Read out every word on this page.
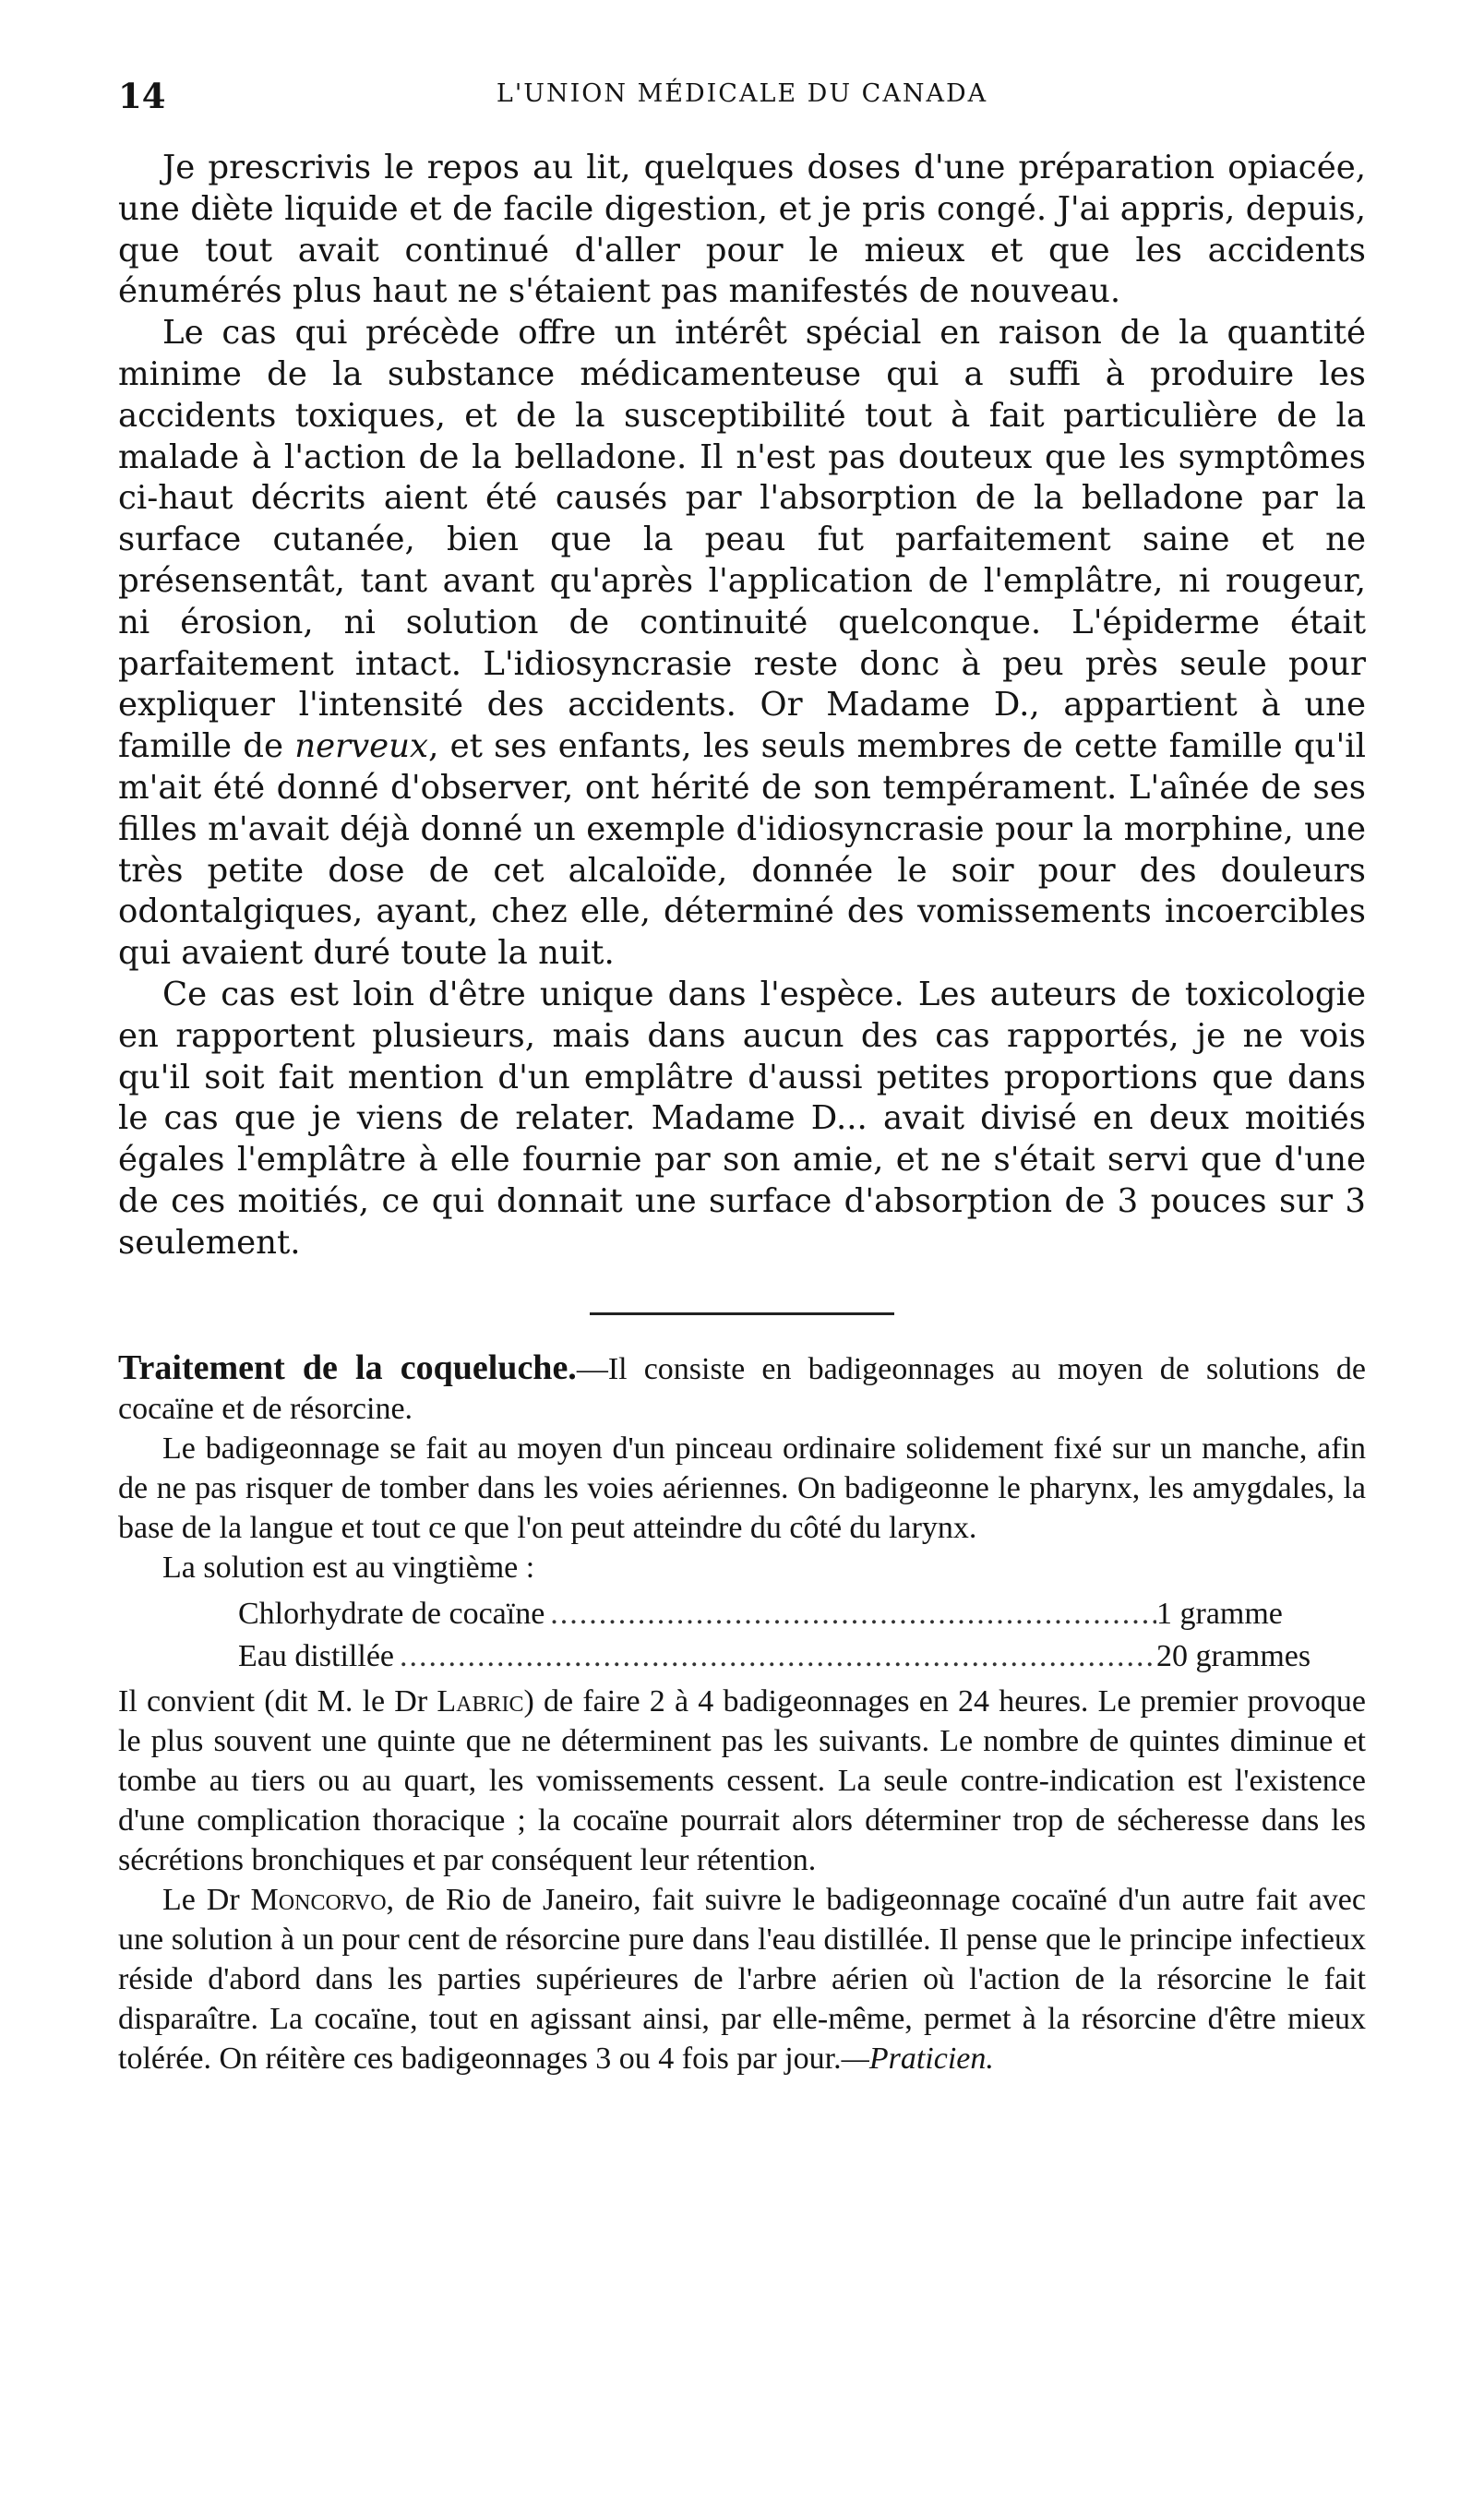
14	L'UNION MÉDICALE DU CANADA

Je prescrivis le repos au lit, quelques doses d'une préparation opiacée, une diète liquide et de facile digestion, et je pris congé. J'ai appris, depuis, que tout avait continué d'aller pour le mieux et que les accidents énumérés plus haut ne s'étaient pas manifestés de nouveau.

Le cas qui précède offre un intérêt spécial en raison de la quantité minime de la substance médicamenteuse qui a suffi à produire les accidents toxiques, et de la susceptibilité tout à fait particulière de la malade à l'action de la belladone. Il n'est pas douteux que les symptômes ci-haut décrits aient été causés par l'absorption de la belladone par la surface cutanée, bien que la peau fut parfaitement saine et ne présensentât, tant avant qu'après l'application de l'emplâtre, ni rougeur, ni érosion, ni solution de continuité quelconque. L'épiderme était parfaitement intact. L'idiosyncrasie reste donc à peu près seule pour expliquer l'intensité des accidents. Or Madame D., appartient à une famille de nerveux, et ses enfants, les seuls membres de cette famille qu'il m'ait été donné d'observer, ont hérité de son tempérament. L'aînée de ses filles m'avait déjà donné un exemple d'idiosyncrasie pour la morphine, une très petite dose de cet alcaloïde, donnée le soir pour des douleurs odontalgiques, ayant, chez elle, déterminé des vomissements incoercibles qui avaient duré toute la nuit.

Ce cas est loin d'être unique dans l'espèce. Les auteurs de toxicologie en rapportent plusieurs, mais dans aucun des cas rapportés, je ne vois qu'il soit fait mention d'un emplâtre d'aussi petites proportions que dans le cas que je viens de relater. Madame D... avait divisé en deux moitiés égales l'emplâtre à elle fournie par son amie, et ne s'était servi que d'une de ces moitiés, ce qui donnait une surface d'absorption de 3 pouces sur 3 seulement.

Traitement de la coqueluche.—Il consiste en badigeonnages au moyen de solutions de cocaïne et de résorcine.

Le badigeonnage se fait au moyen d'un pinceau ordinaire solidement fixé sur un manche, afin de ne pas risquer de tomber dans les voies aériennes. On badigeonne le pharynx, les amygdales, la base de la langue et tout ce que l'on peut atteindre du côté du larynx.

La solution est au vingtième :

Chlorhydrate de cocaïne .....	1 gramme
Eau distillée .....	20 grammes

Il convient (dit M. le Dr Labric) de faire 2 à 4 badigeonnages en 24 heures. Le premier provoque le plus souvent une quinte que ne déterminent pas les suivants. Le nombre de quintes diminue et tombe au tiers ou au quart, les vomissements cessent. La seule contre-indication est l'existence d'une complication thoracique ; la cocaïne pourrait alors déterminer trop de sécheresse dans les sécrétions bronchiques et par conséquent leur rétention.

Le Dr Moncorvo, de Rio de Janeiro, fait suivre le badigeonnage cocaïné d'un autre fait avec une solution à un pour cent de résorcine pure dans l'eau distillée. Il pense que le principe infectieux réside d'abord dans les parties supérieures de l'arbre aérien où l'action de la résorcine le fait disparaître. La cocaïne, tout en agissant ainsi, par elle-même, permet à la résorcine d'être mieux tolérée. On réitère ces badigeonnages 3 ou 4 fois par jour.—Praticien.
